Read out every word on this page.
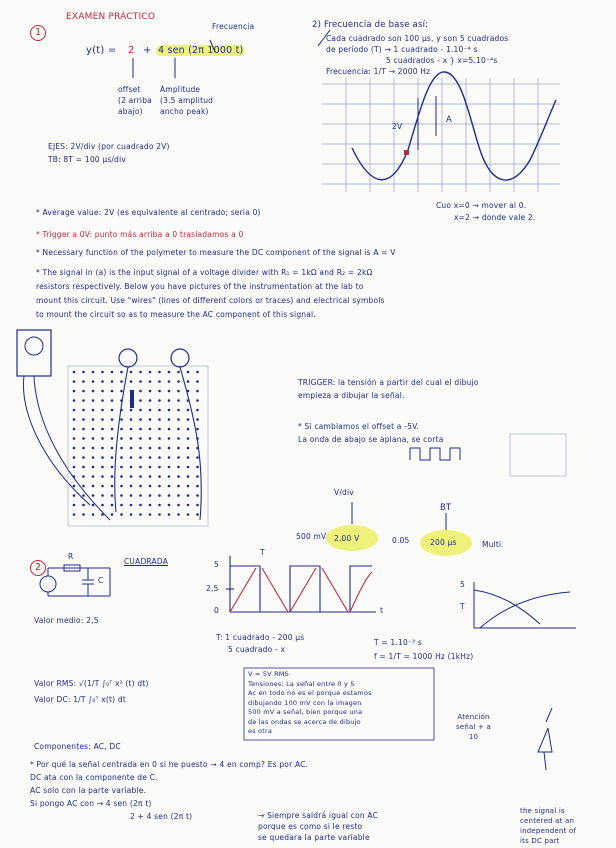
1
EXAMEN PRÁCTICO
y(t) = 2 + 4 sen (2π 1000 t)
Frecuencia
offset
(2 arriba
abajo)
Amplitude
(3.5 amplitud
ancho peak)
EJES: 2V/div (por cuadrado 2V)
TB: 8T = 100 μs/div
2) Frecuencia de base así:
Cada cuadrado son 100 μs, y son 5 cuadrados
de período (T) → 1 cuadrado - 1.10⁻⁴ s
5 cuadrados - x } x=5.10⁻⁴s
Frecuencia: 1/T → 2000 Hz
2V
A
Cuo x=0 → mover al 0.
x=2 → donde vale 2.
* Average value: 2V (es equivalente al centrado; seria 0)
* Trigger a 0V: punto más arriba a 0 trasladamos a 0
* Necessary function of the polymeter to measure the DC component of the signal is A = V
* The signal in (a) is the input signal of a voltage divider with R₁ = 1kΩ and R₂ = 2kΩ
resistors respectively. Below you have pictures of the instrumentation at the lab to
mount this circuit. Use "wires" (lines of different colors or traces) and electrical symbols
to mount the circuit so as to measure the AC component of this signal.
TRIGGER: la tensión a partir del cual el dibujo
empieza a dibujar la señal.
* Si cambiamos el offset a -5V.
La onda de abajo se aplana, se corta
V/div
BT
500 mV 2.00 V	0.05	200 μs	Multi
2
CUADRADA
R
C
Valor medio: 2,5
5
2,5
0	t
T
5
T
T: 1 cuadrado - 200 μs
5 cuadrado - x
T = 1.10⁻³ s
f = 1/T = 1000 Hz (1kHz)
Valor RMS: √(1/T ∫₀ᵀ x² (t) dt)
Valor DC: 1/T ∫₀ᵀ x(t) dt
V = 5V RMS
Tensiones: La señal entre 0 y 5
Ac en todo no es el porque estamos
dibujando 100 mV con la imagen
500 mV a señal, bien porque una
de las ondas se acerca de dibujo
es otra
Atención
señal + a
10
Componentes: AC, DC
* Por qué la señal centrada en 0 si he puesto → 4 en comp? Es por AC.
DC ata con la componente de C.
AC solo con la parte variable.
Si pongo AC con → 4 sen (2π t)
2 + 4 sen (2π t)	→ Siempre saldrá igual con AC
porque es como si le resto
se quedara la parte variable
the signal is
centered at an
independent of
its DC part
